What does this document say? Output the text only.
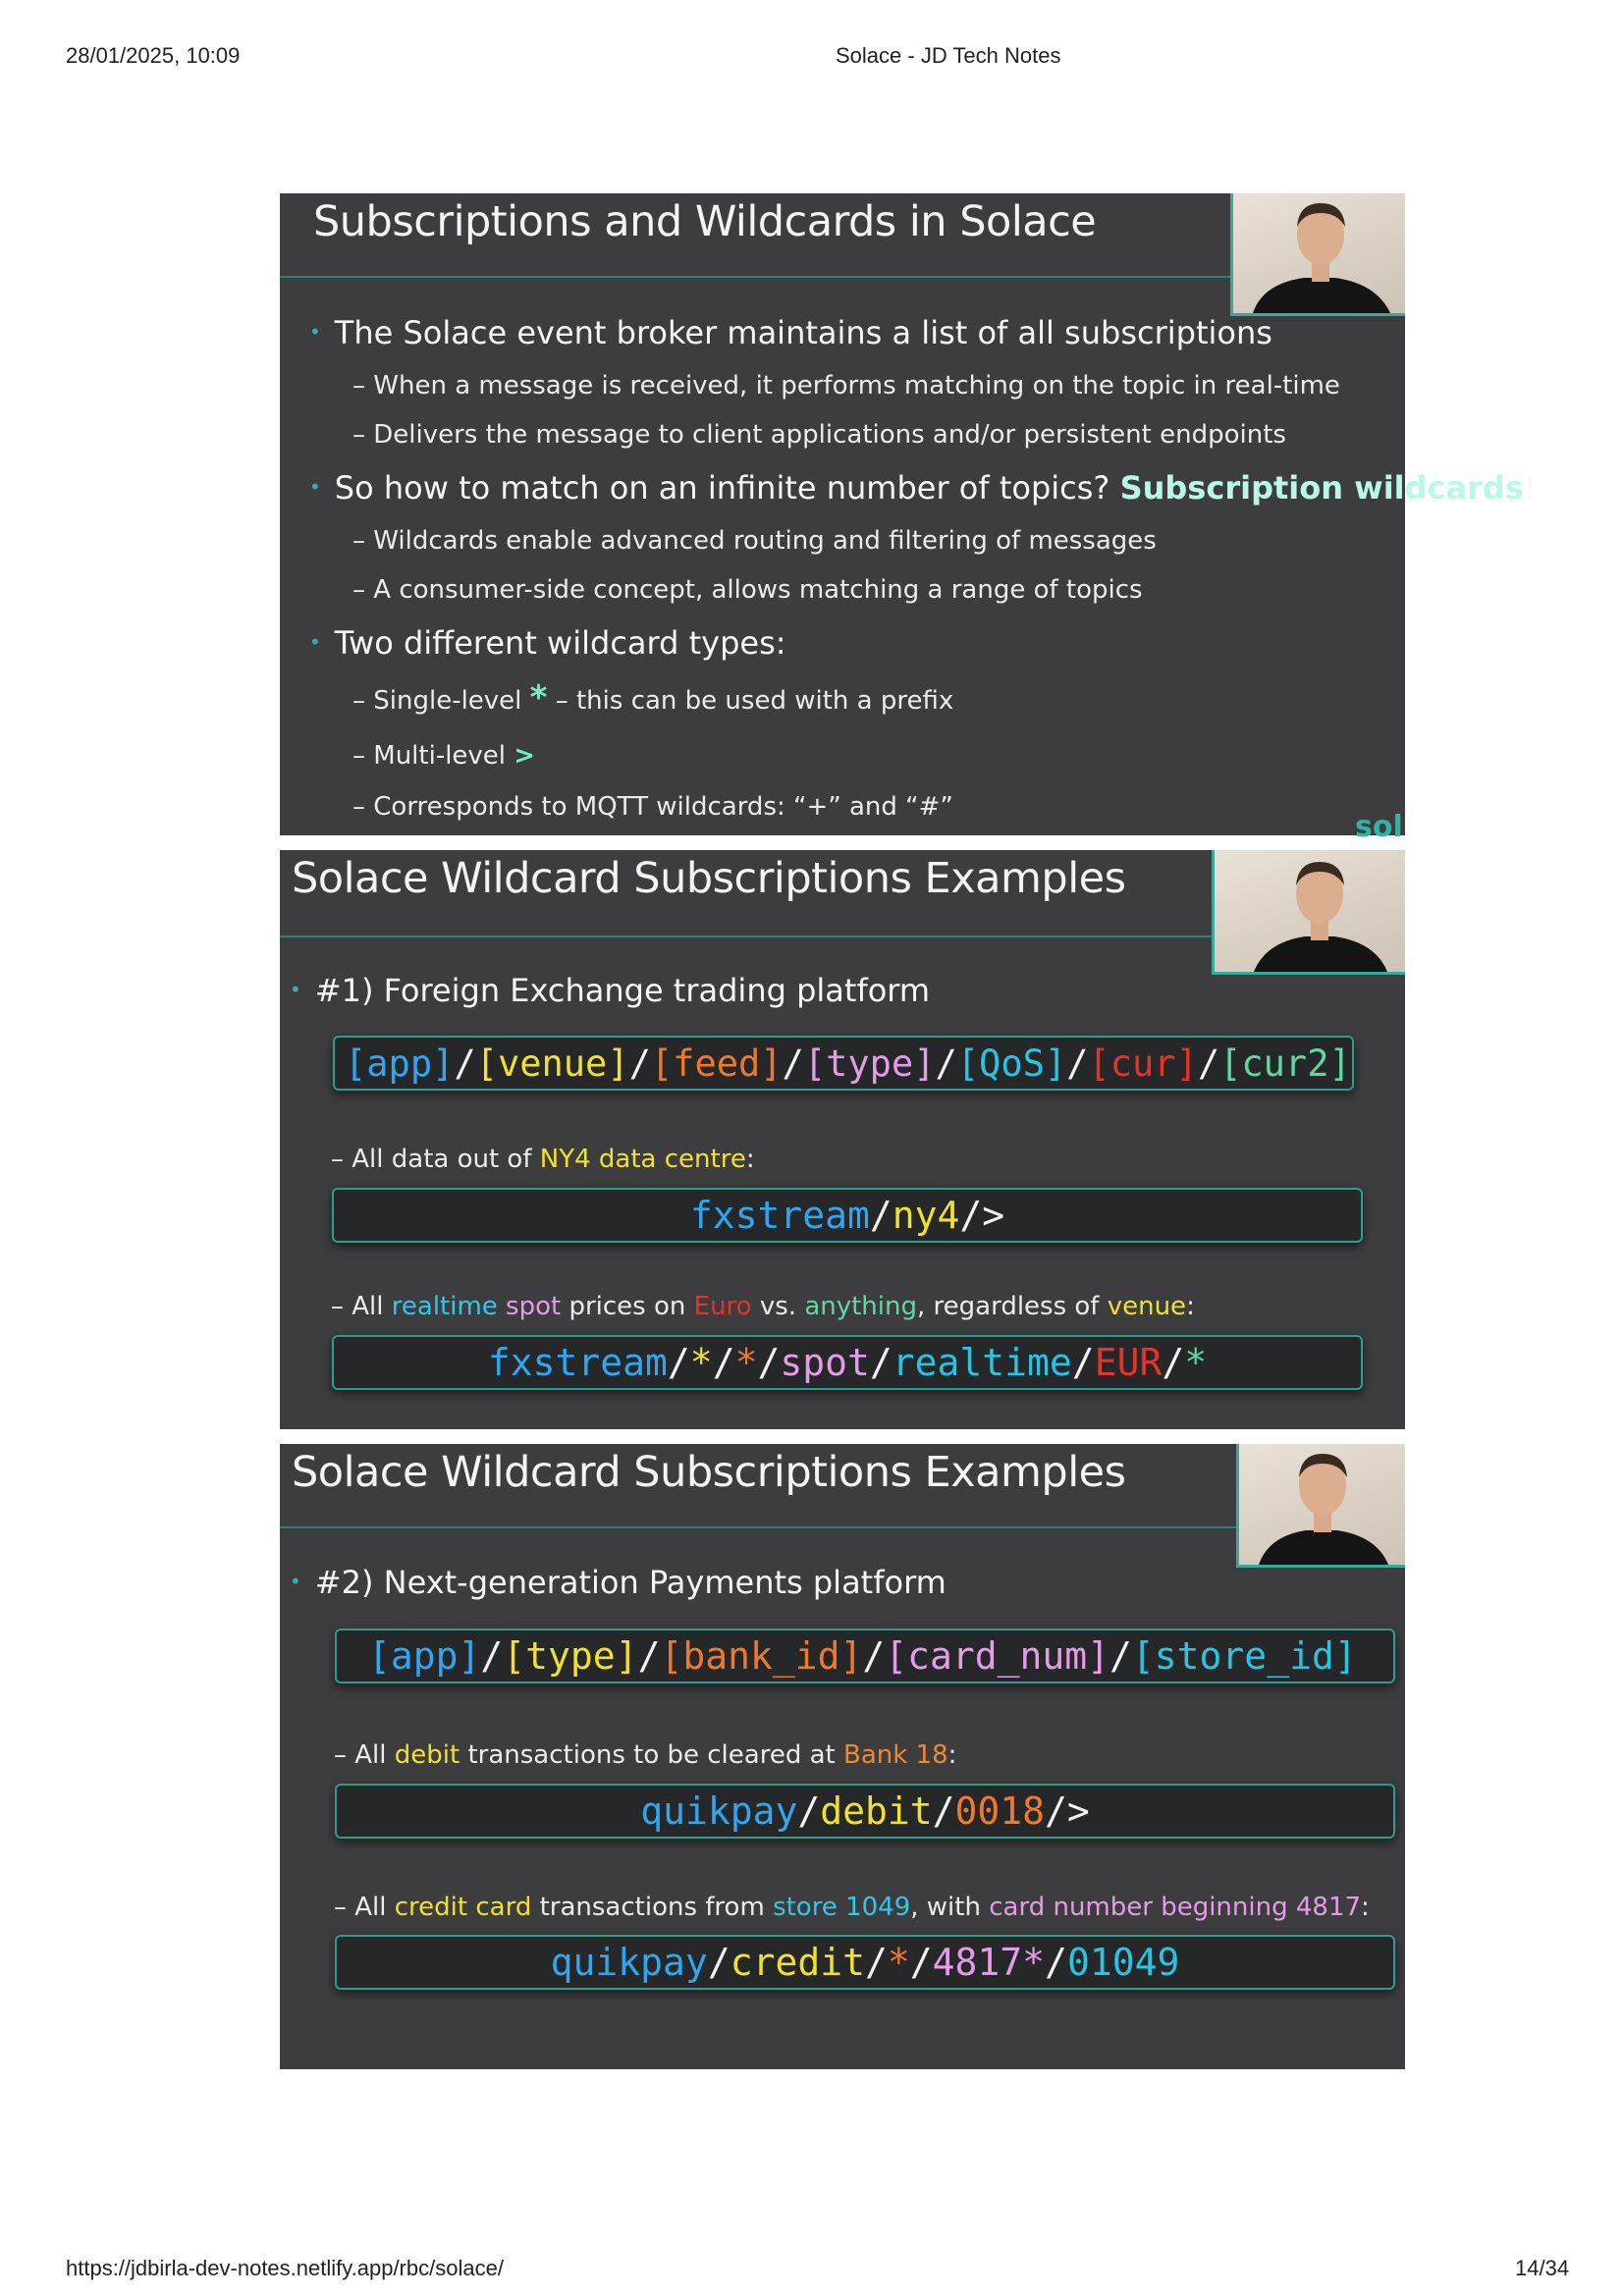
28/01/2025, 10:09	Solace - JD Tech Notes
Subscriptions and Wildcards in Solace
• The Solace event broker maintains a list of all subscriptions
– When a message is received, it performs matching on the topic in real-time
– Delivers the message to client applications and/or persistent endpoints
• So how to match on an infinite number of topics? Subscription wildcards!
– Wildcards enable advanced routing and filtering of messages
– A consumer-side concept, allows matching a range of topics
• Two different wildcard types:
– Single-level * – this can be used with a prefix
– Multi-level >
– Corresponds to MQTT wildcards: “+” and “#”
sol
Solace Wildcard Subscriptions Examples
• #1) Foreign Exchange trading platform
[app] / [venue] / [feed] / [type] / [QoS] / [cur] / [cur2]
– All data out of NY4 data centre:
fxstream / ny4 / >
– All realtime spot prices on Euro vs. anything, regardless of venue:
fxstream / * / * / spot / realtime / EUR / *
Solace Wildcard Subscriptions Examples
• #2) Next-generation Payments platform
[app] / [type] / [bank_id] / [card_num] / [store_id]
– All debit transactions to be cleared at Bank 18:
quikpay / debit / 0018 / >
– All credit card transactions from store 1049, with card number beginning 4817:
quikpay / credit / * / 4817* / 01049
https://jdbirla-dev-notes.netlify.app/rbc/solace/	14/34
